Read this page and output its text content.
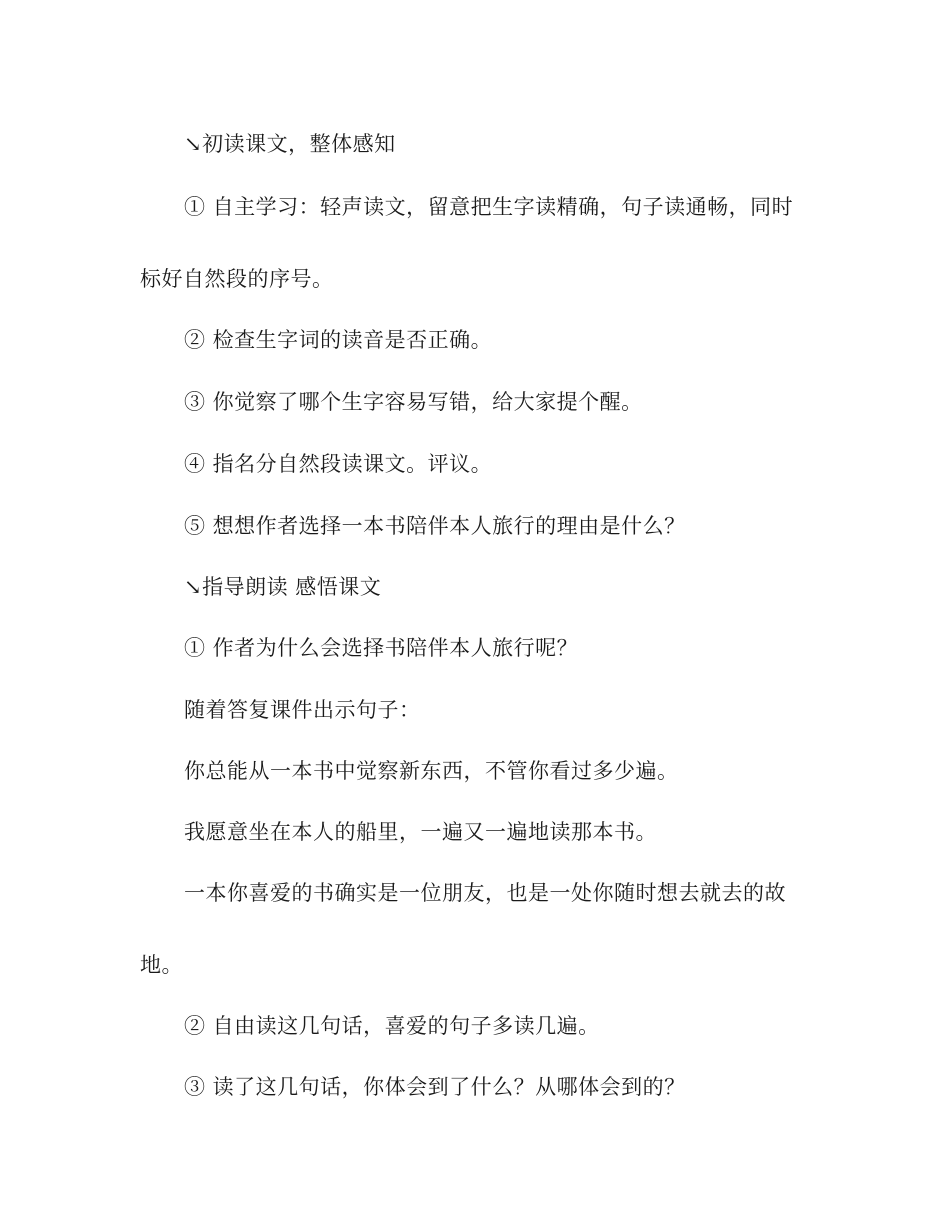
↘初读课文，整体感知
① 自主学习：轻声读文，留意把生字读精确，句子读通畅，同时
标好自然段的序号。
② 检查生字词的读音是否正确。
③ 你觉察了哪个生字容易写错，给大家提个醒。
④ 指名分自然段读课文。评议。
⑤ 想想作者选择一本书陪伴本人旅行的理由是什么？
↘指导朗读 感悟课文
① 作者为什么会选择书陪伴本人旅行呢？
随着答复课件出示句子：
你总能从一本书中觉察新东西，不管你看过多少遍。
我愿意坐在本人的船里，一遍又一遍地读那本书。
一本你喜爱的书确实是一位朋友，也是一处你随时想去就去的故
地。
② 自由读这几句话，喜爱的句子多读几遍。
③ 读了这几句话，你体会到了什么？从哪体会到的？
